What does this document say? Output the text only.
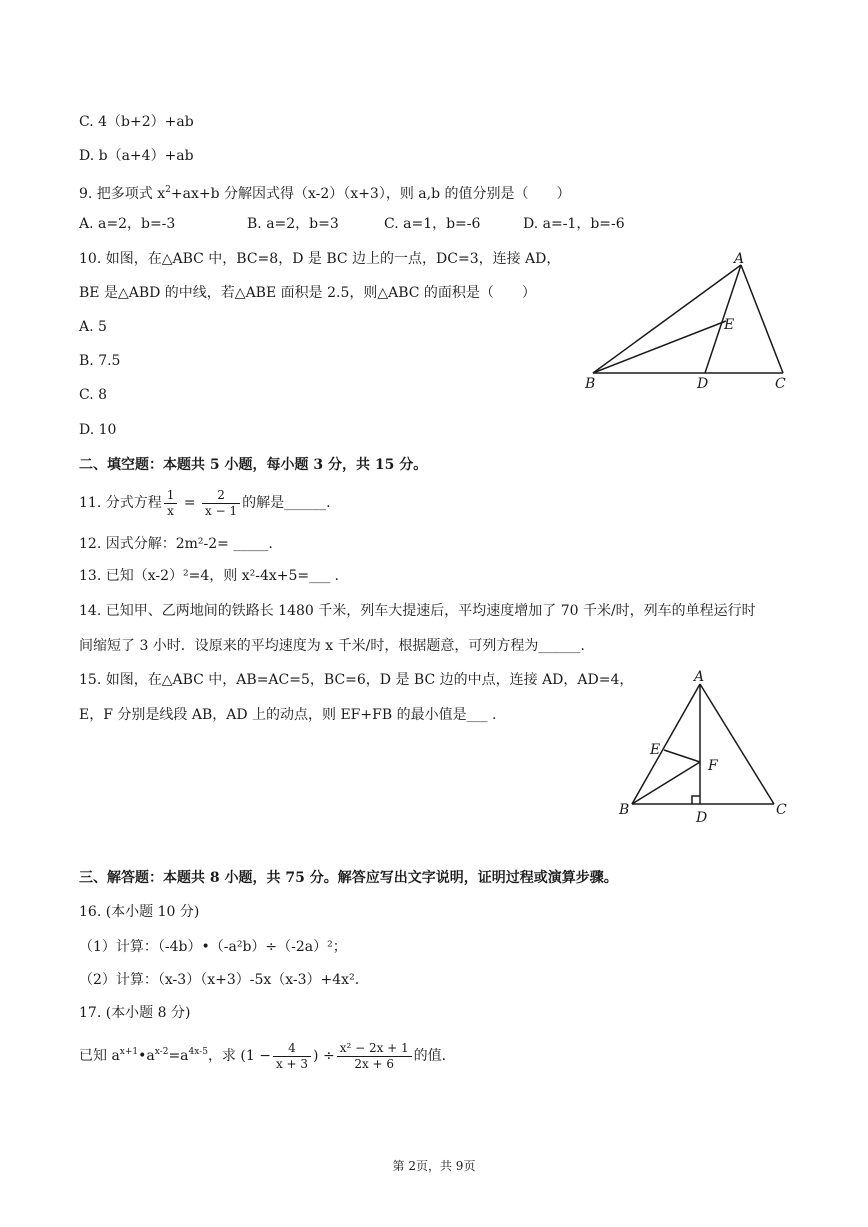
C. 4（b+2）+ab
D. b（a+4）+ab
9. 把多项式 $x^2+ax+b$ 分解因式得（x-2）（x+3），则 a,b 的值分别是（　　）
A. a=2，b=-3	B. a=2，b=3	C. a=1，b=-6	D. a=-1，b=-6
10. 如图，在△ABC 中，BC=8，D 是 BC 边上的一点，DC=3，连接 AD，
BE 是△ABD 的中线，若△ABE 面积是 2.5，则△ABC 的面积是（　　）
A. 5
B. 7.5
C. 8
D. 10
A
E
B	D	C
二、填空题：本题共 5 小题，每小题 3 分，共 15 分。
11. 分式方程 $\frac{1}{x} = \frac{2}{x - 1}$ 的解是______.
12. 因式分解：2m²-2= _____.
13. 已知（x-2）²=4，则 x²-4x+5=___ .
14. 已知甲、乙两地间的铁路长 1480 千米，列车大提速后，平均速度增加了 70 千米/时，列车的单程运行时
间缩短了 3 小时．设原来的平均速度为 x 千米/时，根据题意，可列方程为______.
15. 如图，在△ABC 中，AB=AC=5，BC=6，D 是 BC 边的中点，连接 AD，AD=4，
E，F 分别是线段 AB，AD 上的动点，则 EF+FB 的最小值是___ .
A
E
F
B	D	C
三、解答题：本题共 8 小题，共 75 分。解答应写出文字说明，证明过程或演算步骤。
16. (本小题 10 分)
（1）计算：（-4b）•（-a²b）÷（-2a）²；
（2）计算：（x-3）（x+3）-5x（x-3）+4x².
17. (本小题 8 分)
已知 $a^{x+1}•a^{x-2}=a^{4x-5}$，求 ($1 - \frac{4}{x + 3}$ ) ÷ $\frac{\text{x² − 2x + 1}}{2x + 6}$ 的值.
第 2页，共 9页
